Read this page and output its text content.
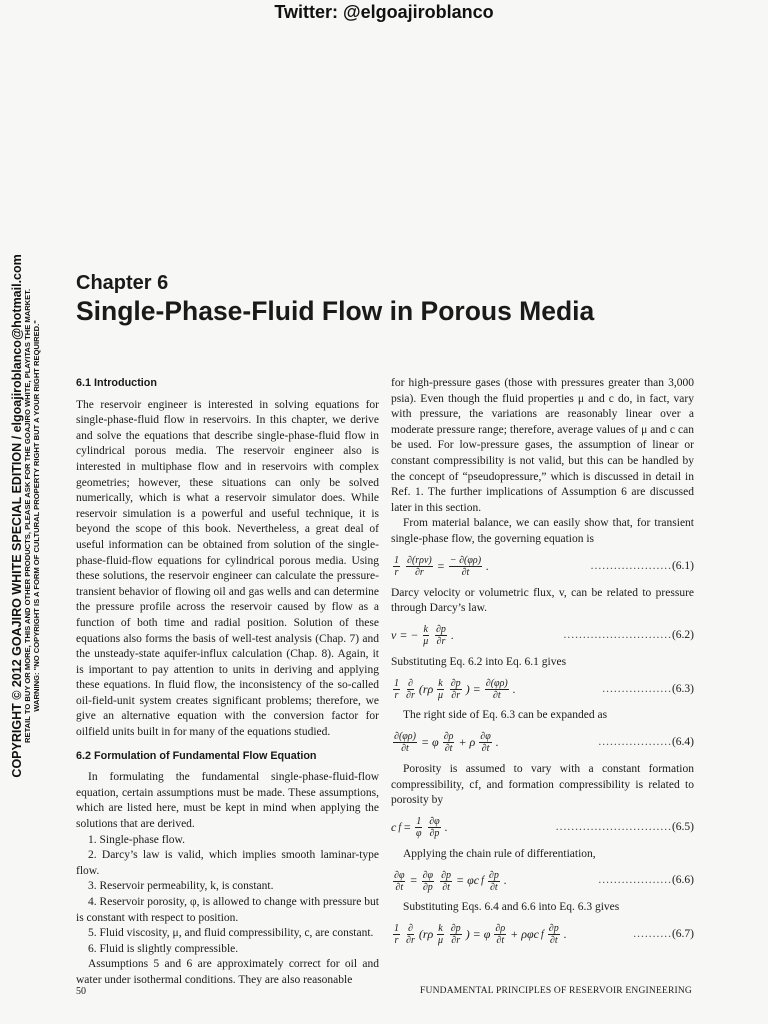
Twitter: @elgoajiroblanco
COPYRIGHT © 2012 GOAJIRO WHITE SPECIAL EDITION / elgoajiroblanco@hotmail.com RETAIL TO BUY OR MORE, THIS AND OTHER PRODUCTS, PLEASE ASK FOR THE GOAJIRO WHITE, PLAYITAS THE MARKET. WARNING: "NO COPYRIGHT IS A FORM OF CULTURAL PROPERTY RIGHT BUT A YOUR RIGHT REQUIRED."
Chapter 6
Single-Phase-Fluid Flow in Porous Media
6.1 Introduction

The reservoir engineer is interested in solving equations for single-phase-fluid flow in reservoirs. In this chapter, we derive and solve the equations that describe single-phase-fluid flow in cylindrical porous media. The reservoir engineer also is interested in multiphase flow and in reservoirs with complex geometries; however, these situations can only be solved numerically, which is what a reservoir simulator does. While reservoir simulation is a powerful and useful technique, it is beyond the scope of this book. Nevertheless, a great deal of useful information can be obtained from solution of the single-phase-fluid-flow equations for cylindrical porous media. Using these solutions, the reservoir engineer can calculate the pressure-transient behavior of flowing oil and gas wells and can determine the pressure profile across the reservoir caused by flow as a function of both time and radial position. Solution of these equations also forms the basis of well-test analysis (Chap. 7) and the unsteady-state aquifer-influx calculation (Chap. 8). Again, it is important to pay attention to units in deriving and applying these equations. In fluid flow, the inconsistency of the so-called oil-field-unit system creates significant problems; therefore, we give an alternative equation with the conversion factor for oilfield units built in for many of the equations studied.

6.2 Formulation of Fundamental Flow Equation

In formulating the fundamental single-phase-fluid-flow equation, certain assumptions must be made. These assumptions, which are listed here, must be kept in mind when applying the solutions that are derived.

1. Single-phase flow.

2. Darcy’s law is valid, which implies smooth laminar-type flow.

3. Reservoir permeability, k, is constant.

4. Reservoir porosity, φ, is allowed to change with pressure but is constant with respect to position.

5. Fluid viscosity, μ, and fluid compressibility, c, are constant.

6. Fluid is slightly compressible.

Assumptions 5 and 6 are approximately correct for oil and water under isothermal conditions. They are also reasonable

for high-pressure gases (those with pressures greater than 3,000 psia). Even though the fluid properties μ and c do, in fact, vary with pressure, the variations are reasonably linear over a moderate pressure range; therefore, average values of μ and c can be used. For low-pressure gases, the assumption of linear or constant compressibility is not valid, but this can be handled by the concept of “pseudopressure,” which is discussed in detail in Ref. 1. The further implications of Assumption 6 are discussed later in this section.

From material balance, we can easily show that, for transient single-phase flow, the governing equation is

$\frac{1}{r} \frac{\text{∂(rρv)}}{\partial r} = \frac{- \partial(\varphi\rho)}{\partial t}$ .	.....................(6.1)

Darcy velocity or volumetric flux, v, can be related to pressure through Darcy’s law.

v = − $\frac{k}{\mu} \frac{\partial p}{\partial r}$ .	............................(6.2)

Substituting Eq. 6.2 into Eq. 6.1 gives

$\frac{1}{r} \frac{\partial}{\partial r} (r\rho \frac{k}{\mu} \frac{\partial p}{\partial r}$ ) = $\frac{\partial(\varphi\rho)}{\partial t}$ .	..................(6.3)

The right side of Eq. 6.3 can be expanded as

$\frac{\partial(\varphi\rho)}{\partial t} = \varphi \frac{\partial\rho}{\partial t} + \rho \frac{\partial\varphi}{\partial t}$ .	...................(6.4)

Porosity is assumed to vary with a constant formation compressibility, cf, and formation compressibility is related to porosity by

c $f = \frac{1}{\varphi} \frac{\partial\varphi}{\partial p}$ .	..............................(6.5)

Applying the chain rule of differentiation,

$\frac{\partial\varphi}{\partial t} = \frac{\partial\varphi}{\partial p} \frac{\partial p}{\partial t} = \varphi c$ f $\frac{\partial p}{\partial t}$ .	...................(6.6)

Substituting Eqs. 6.4 and 6.6 into Eq. 6.3 gives

$\frac{1}{r} \frac{\partial}{\partial r} (r\rho \frac{k}{\mu} \frac{\partial p}{\partial r}$ ) = φ $\frac{\partial\rho}{\partial t} + \rho\varphi c$ f $\frac{\partial p}{\partial t}$ .	..........(6.7)
50	FUNDAMENTAL PRINCIPLES OF RESERVOIR ENGINEERING
